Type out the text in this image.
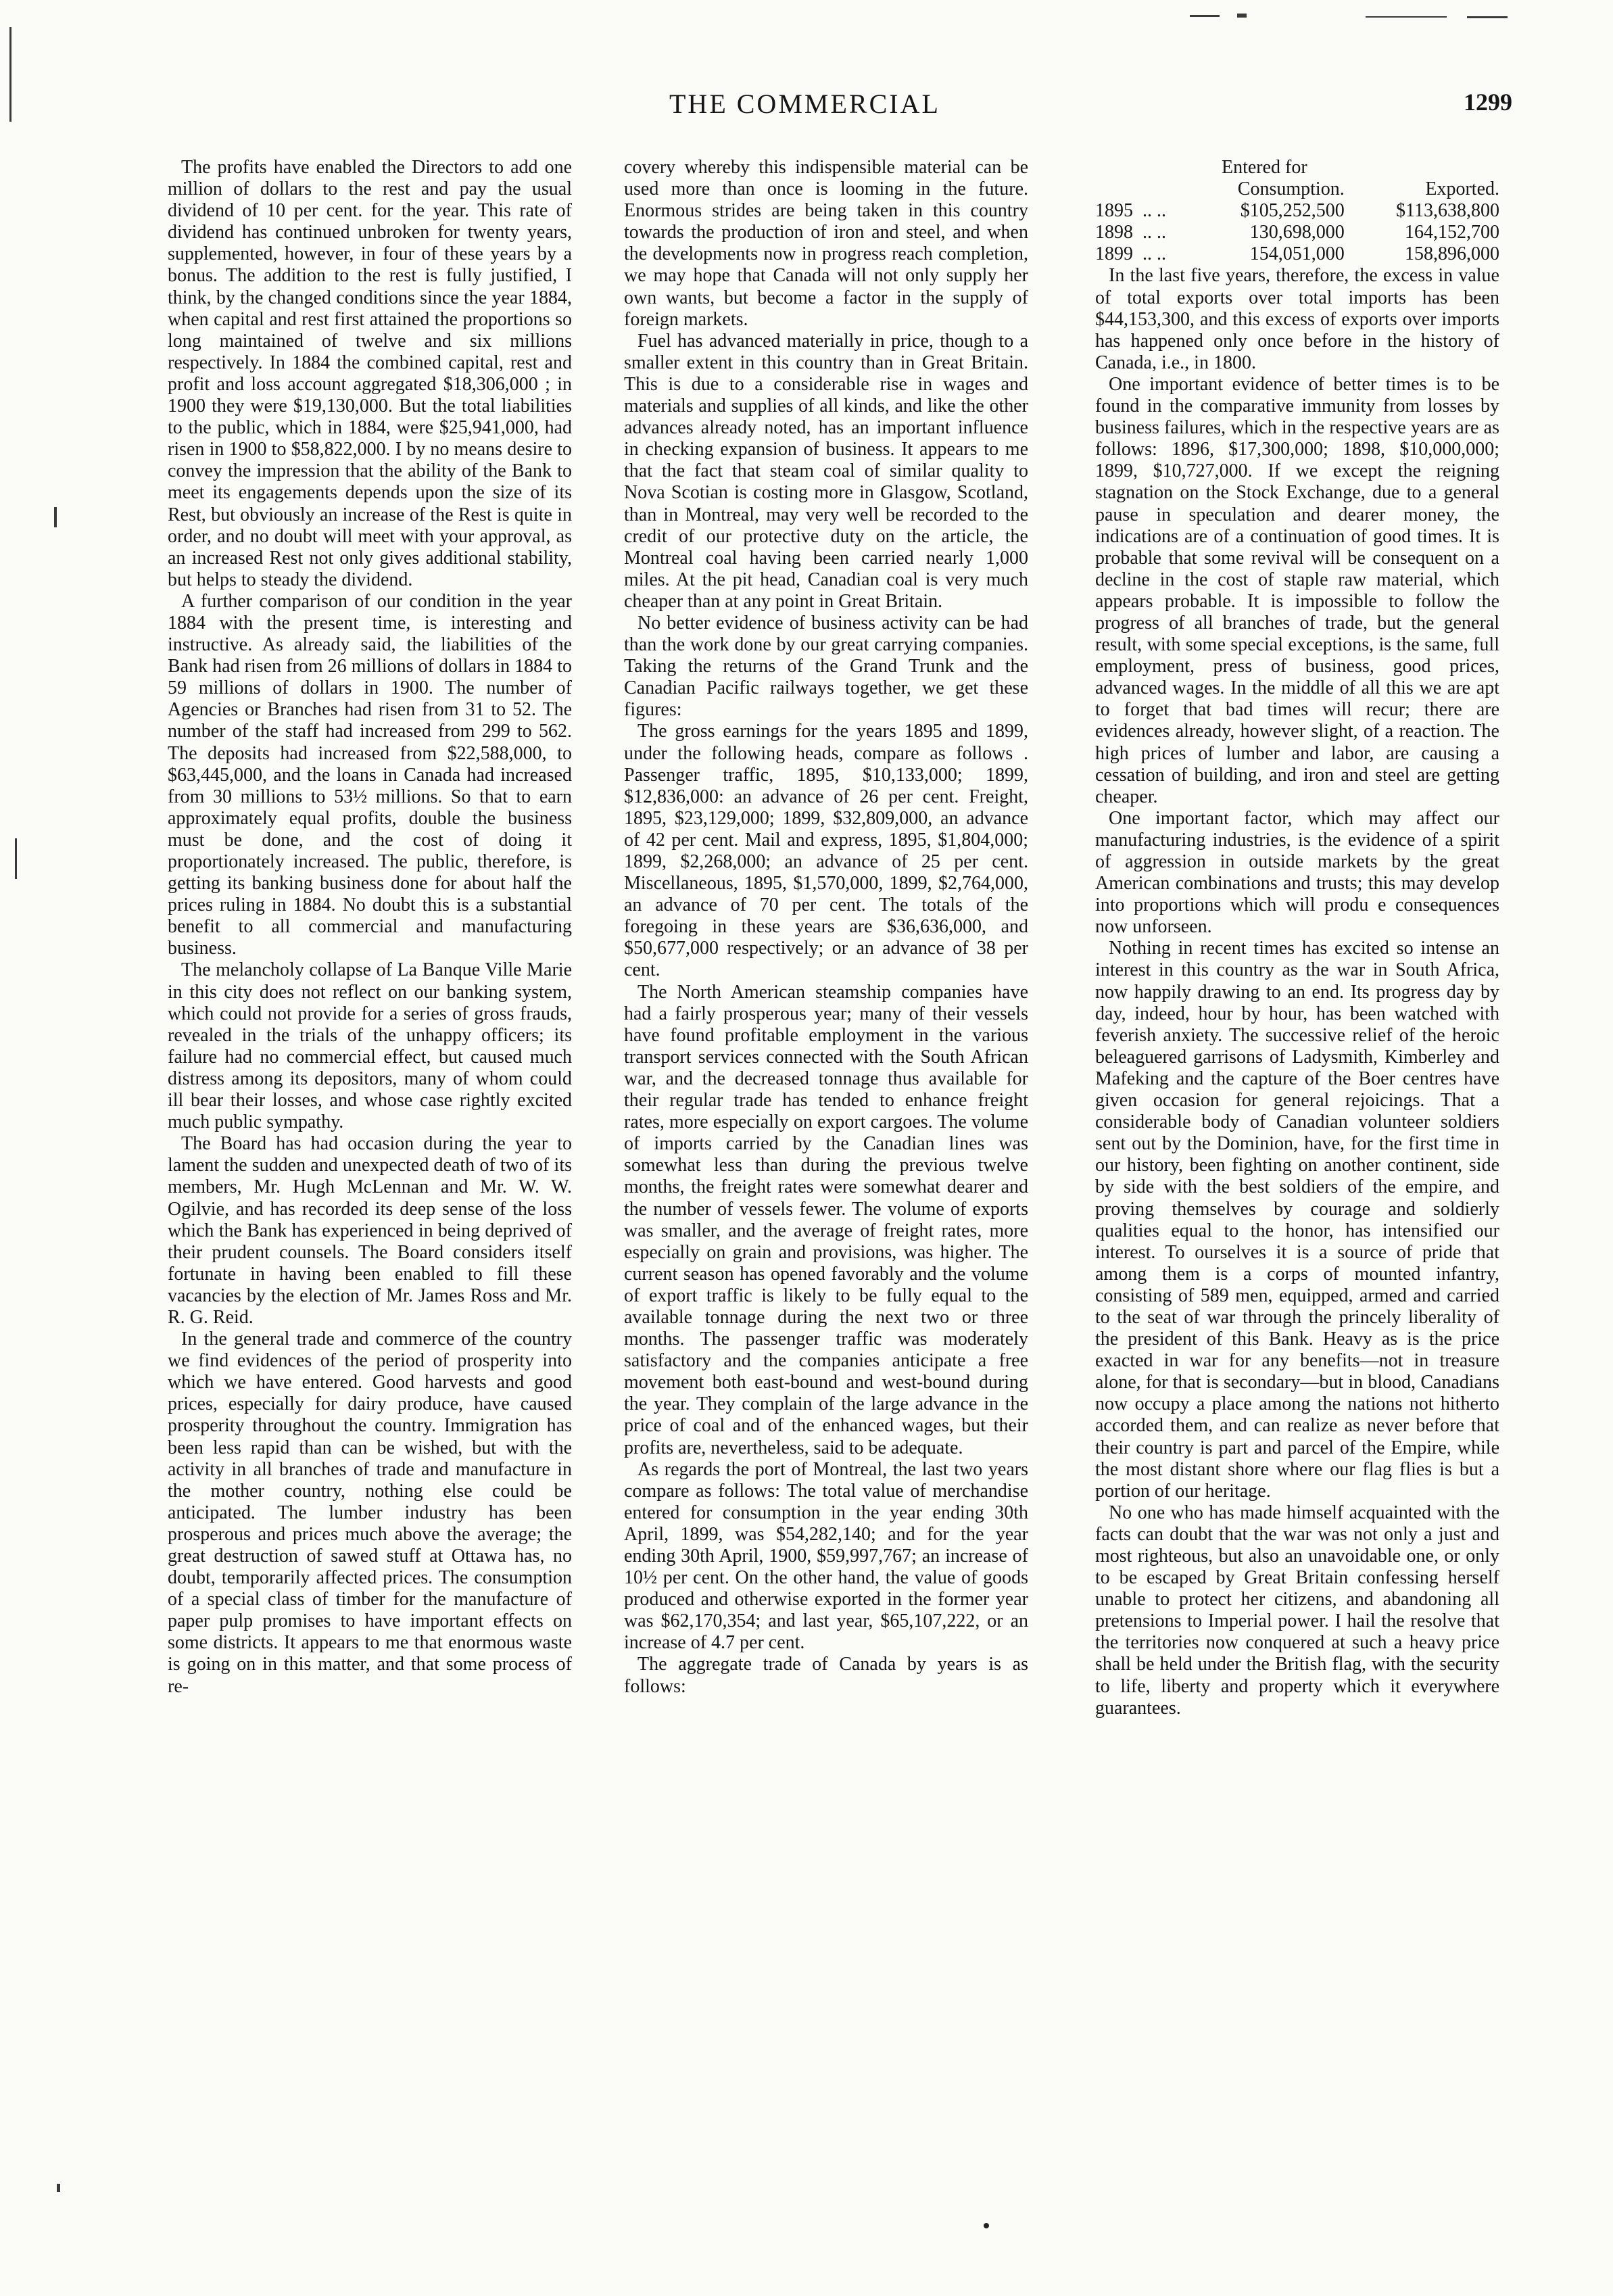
THE COMMERCIAL	1299

The profits have enabled the Directors to add one million of dollars to the rest and pay the usual dividend of 10 per cent. for the year. This rate of dividend has continued unbroken for twenty years, supplemented, however, in four of these years by a bonus. The addition to the rest is fully justified, I think, by the changed conditions since the year 1884, when capital and rest first attained the proportions so long maintained of twelve and six millions respectively. In 1884 the combined capital, rest and profit and loss account aggregated $18,306,000 ; in 1900 they were $19,130,000. But the total liabilities to the public, which in 1884, were $25,941,000, had risen in 1900 to $58,822,000. I by no means desire to convey the impression that the ability of the Bank to meet its engagements depends upon the size of its Rest, but obviously an increase of the Rest is quite in order, and no doubt will meet with your approval, as an increased Rest not only gives additional stability, but helps to steady the dividend.

A further comparison of our condition in the year 1884 with the present time, is interesting and instructive. As already said, the liabilities of the Bank had risen from 26 millions of dollars in 1884 to 59 millions of dollars in 1900. The number of Agencies or Branches had risen from 31 to 52. The number of the staff had increased from 299 to 562. The deposits had increased from $22,588,000, to $63,445,000, and the loans in Canada had increased from 30 millions to 53½ millions. So that to earn approximately equal profits, double the business must be done, and the cost of doing it proportionately increased. The public, therefore, is getting its banking business done for about half the prices ruling in 1884. No doubt this is a substantial benefit to all commercial and manufacturing business.

The melancholy collapse of La Banque Ville Marie in this city does not reflect on our banking system, which could not provide for a series of gross frauds, revealed in the trials of the unhappy officers; its failure had no commercial effect, but caused much distress among its depositors, many of whom could ill bear their losses, and whose case rightly excited much public sympathy.

The Board has had occasion during the year to lament the sudden and unexpected death of two of its members, Mr. Hugh McLennan and Mr. W. W. Ogilvie, and has recorded its deep sense of the loss which the Bank has experienced in being deprived of their prudent counsels. The Board considers itself fortunate in having been enabled to fill these vacancies by the election of Mr. James Ross and Mr. R. G. Reid.

In the general trade and commerce of the country we find evidences of the period of prosperity into which we have entered. Good harvests and good prices, especially for dairy produce, have caused prosperity throughout the country. Immigration has been less rapid than can be wished, but with the activity in all branches of trade and manufacture in the mother country, nothing else could be anticipated. The lumber industry has been prosperous and prices much above the average; the great destruction of sawed stuff at Ottawa has, no doubt, temporarily affected prices. The consumption of a special class of timber for the manufacture of paper pulp promises to have important effects on some districts. It appears to me that enormous waste is going on in this matter, and that some process of re-

covery whereby this indispensible material can be used more than once is looming in the future. Enormous strides are being taken in this country towards the production of iron and steel, and when the developments now in progress reach completion, we may hope that Canada will not only supply her own wants, but become a factor in the supply of foreign markets.

Fuel has advanced materially in price, though to a smaller extent in this country than in Great Britain. This is due to a considerable rise in wages and materials and supplies of all kinds, and like the other advances already noted, has an important influence in checking expansion of business. It appears to me that the fact that steam coal of similar quality to Nova Scotian is costing more in Glasgow, Scotland, than in Montreal, may very well be recorded to the credit of our protective duty on the article, the Montreal coal having been carried nearly 1,000 miles. At the pit head, Canadian coal is very much cheaper than at any point in Great Britain.

No better evidence of business activity can be had than the work done by our great carrying companies. Taking the returns of the Grand Trunk and the Canadian Pacific railways together, we get these figures:

The gross earnings for the years 1895 and 1899, under the following heads, compare as follows . Passenger traffic, 1895, $10,133,000; 1899, $12,836,000: an advance of 26 per cent. Freight, 1895, $23,129,000; 1899, $32,809,000, an advance of 42 per cent. Mail and express, 1895, $1,804,000; 1899, $2,268,000; an advance of 25 per cent. Miscellaneous, 1895, $1,570,000, 1899, $2,764,000, an advance of 70 per cent. The totals of the foregoing in these years are $36,636,000, and $50,677,000 respectively; or an advance of 38 per cent.

The North American steamship companies have had a fairly prosperous year; many of their vessels have found profitable employment in the various transport services connected with the South African war, and the decreased tonnage thus available for their regular trade has tended to enhance freight rates, more especially on export cargoes. The volume of imports carried by the Canadian lines was somewhat less than during the previous twelve months, the freight rates were somewhat dearer and the number of vessels fewer. The volume of exports was smaller, and the average of freight rates, more especially on grain and provisions, was higher. The current season has opened favorably and the volume of export traffic is likely to be fully equal to the available tonnage during the next two or three months. The passenger traffic was moderately satisfactory and the companies anticipate a free movement both east-bound and west-bound during the year. They complain of the large advance in the price of coal and of the enhanced wages, but their profits are, nevertheless, said to be adequate.

As regards the port of Montreal, the last two years compare as follows: The total value of merchandise entered for consumption in the year ending 30th April, 1899, was $54,282,140; and for the year ending 30th April, 1900, $59,997,767; an increase of 10½ per cent. On the other hand, the value of goods produced and otherwise exported in the former year was $62,170,354; and last year, $65,107,222, or an increase of 4.7 per cent.

The aggregate trade of Canada by years is as follows:

		Entered for	
		Consumption.	Exported.
1895	.. ..	$105,252,500	$113,638,800
1898	.. ..	130,698,000	164,152,700
1899	.. ..	154,051,000	158,896,000

In the last five years, therefore, the excess in value of total exports over total imports has been $44,153,300, and this excess of exports over imports has happened only once before in the history of Canada, i.e., in 1800.

One important evidence of better times is to be found in the comparative immunity from losses by business failures, which in the respective years are as follows: 1896, $17,300,000; 1898, $10,000,000; 1899, $10,727,000. If we except the reigning stagnation on the Stock Exchange, due to a general pause in speculation and dearer money, the indications are of a continuation of good times. It is probable that some revival will be consequent on a decline in the cost of staple raw material, which appears probable. It is impossible to follow the progress of all branches of trade, but the general result, with some special exceptions, is the same, full employment, press of business, good prices, advanced wages. In the middle of all this we are apt to forget that bad times will recur; there are evidences already, however slight, of a reaction. The high prices of lumber and labor, are causing a cessation of building, and iron and steel are getting cheaper.

One important factor, which may affect our manufacturing industries, is the evidence of a spirit of aggression in outside markets by the great American combinations and trusts; this may develop into proportions which will produ e consequences now unforseen.

Nothing in recent times has excited so intense an interest in this country as the war in South Africa, now happily drawing to an end. Its progress day by day, indeed, hour by hour, has been watched with feverish anxiety. The successive relief of the heroic beleaguered garrisons of Ladysmith, Kimberley and Mafeking and the capture of the Boer centres have given occasion for general rejoicings. That a considerable body of Canadian volunteer soldiers sent out by the Dominion, have, for the first time in our history, been fighting on another continent, side by side with the best soldiers of the empire, and proving themselves by courage and soldierly qualities equal to the honor, has intensified our interest. To ourselves it is a source of pride that among them is a corps of mounted infantry, consisting of 589 men, equipped, armed and carried to the seat of war through the princely liberality of the president of this Bank. Heavy as is the price exacted in war for any benefits—not in treasure alone, for that is secondary—but in blood, Canadians now occupy a place among the nations not hitherto accorded them, and can realize as never before that their country is part and parcel of the Empire, while the most distant shore where our flag flies is but a portion of our heritage.

No one who has made himself acquainted with the facts can doubt that the war was not only a just and most righteous, but also an unavoidable one, or only to be escaped by Great Britain confessing herself unable to protect her citizens, and abandoning all pretensions to Imperial power. I hail the resolve that the territories now conquered at such a heavy price shall be held under the British flag, with the security to life, liberty and property which it everywhere guarantees.
